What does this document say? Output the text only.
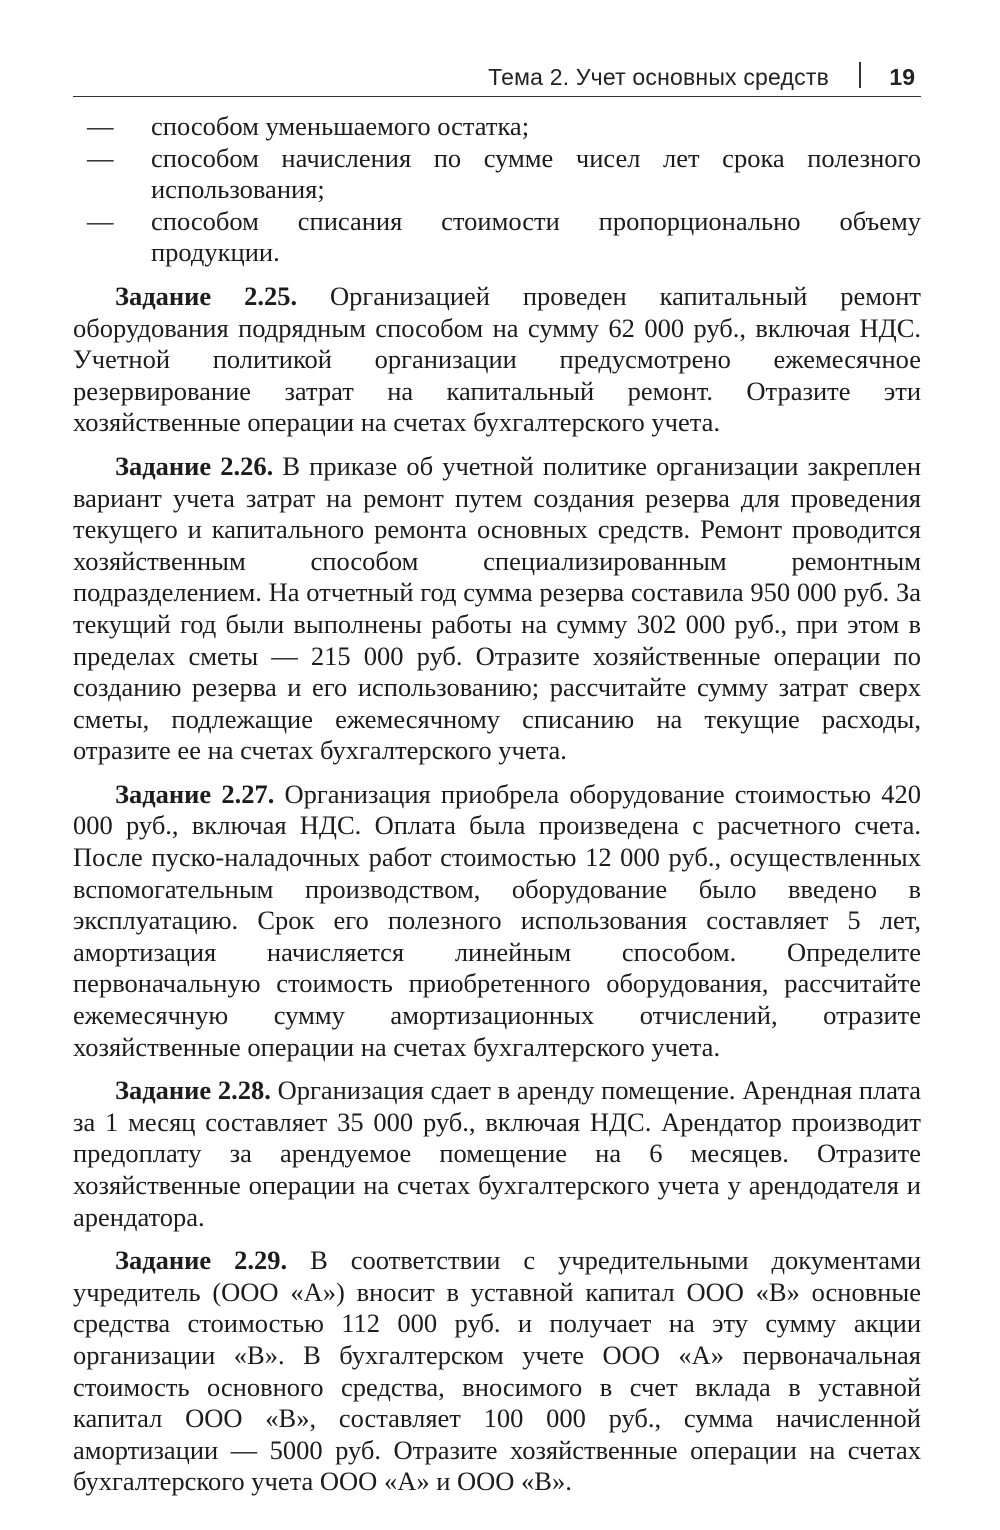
Тема 2. Учет основных средств	19
— способом уменьшаемого остатка;
— способом начисления по сумме чисел лет срока полезного использования;
— способом списания стоимости пропорционально объему продукции.

Задание 2.25. Организацией проведен капитальный ремонт оборудования подрядным способом на сумму 62 000 руб., включая НДС. Учетной политикой организации предусмотрено ежемесячное резервирование затрат на капитальный ремонт. Отразите эти хозяйственные операции на счетах бухгалтерского учета.

Задание 2.26. В приказе об учетной политике организации закреплен вариант учета затрат на ремонт путем создания резерва для проведения текущего и капитального ремонта основных средств. Ремонт проводится хозяйственным способом специализированным ремонтным подразделением. На отчетный год сумма резерва составила 950 000 руб. За текущий год были выполнены работы на сумму 302 000 руб., при этом в пределах сметы — 215 000 руб. Отразите хозяйственные операции по созданию резерва и его использованию; рассчитайте сумму затрат сверх сметы, подлежащие ежемесячному списанию на текущие расходы, отразите ее на счетах бухгалтерского учета.

Задание 2.27. Организация приобрела оборудование стоимостью 420 000 руб., включая НДС. Оплата была произведена с расчетного счета. После пуско-наладочных работ стоимостью 12 000 руб., осуществленных вспомогательным производством, оборудование было введено в эксплуатацию. Срок его полезного использования составляет 5 лет, амортизация начисляется линейным способом. Определите первоначальную стоимость приобретенного оборудования, рассчитайте ежемесячную сумму амортизационных отчислений, отразите хозяйственные операции на счетах бухгалтерского учета.

Задание 2.28. Организация сдает в аренду помещение. Арендная плата за 1 месяц составляет 35 000 руб., включая НДС. Арендатор производит предоплату за арендуемое помещение на 6 месяцев. Отразите хозяйственные операции на счетах бухгалтерского учета у арендодателя и арендатора.

Задание 2.29. В соответствии с учредительными документами учредитель (ООО «А») вносит в уставной капитал ООО «В» основные средства стоимостью 112 000 руб. и получает на эту сумму акции организации «В». В бухгалтерском учете ООО «А» первоначальная стоимость основного средства, вносимого в счет вклада в уставной капитал ООО «В», составляет 100 000 руб., сумма начисленной амортизации — 5000 руб. Отразите хозяйственные операции на счетах бухгалтерского учета ООО «А» и ООО «В».
